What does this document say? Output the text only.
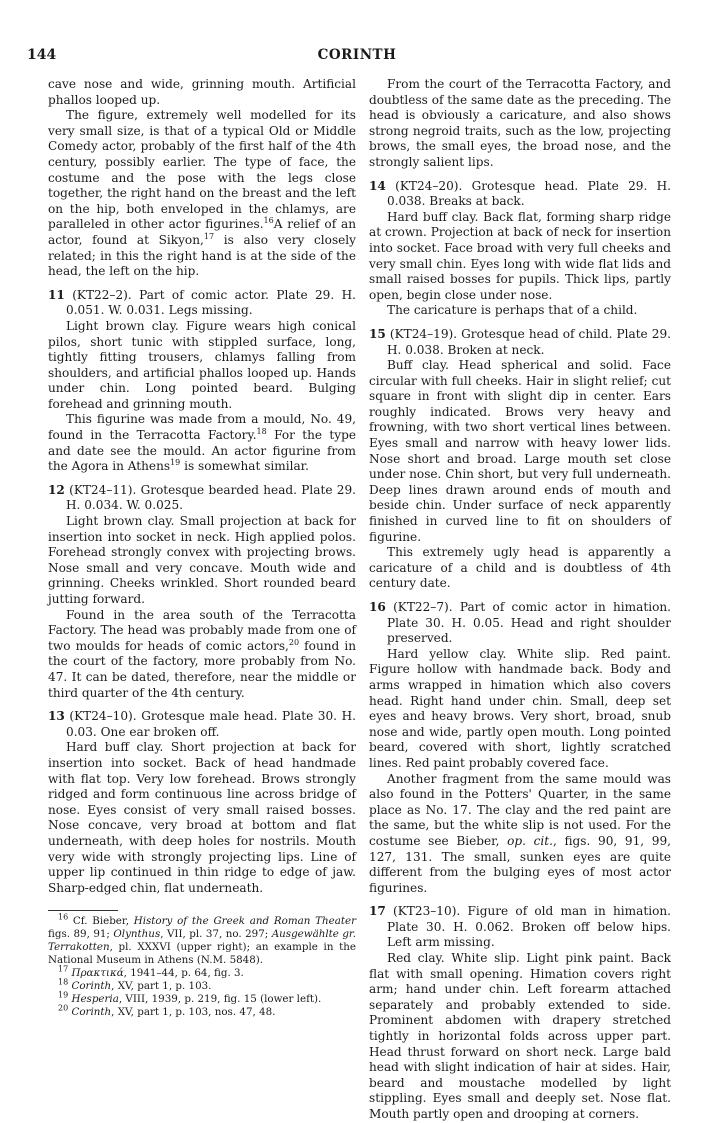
144	CORINTH

cave nose and wide, grinning mouth. Artificial phallos looped up.

The figure, extremely well modelled for its very small size, is that of a typical Old or Middle Comedy actor, probably of the first half of the 4th century, possibly earlier. The type of face, the costume and the pose with the legs close together, the right hand on the breast and the left on the hip, both enveloped in the chlamys, are paralleled in other actor figurines.$^{16}$A relief of an actor, found at Sikyon,$^{17}$ is also very closely related; in this the right hand is at the side of the head, the left on the hip.

11 (KT22–2). Part of comic actor. Plate 29. H. 0.051. W. 0.031. Legs missing.

Light brown clay. Figure wears high conical pilos, short tunic with stippled surface, long, tightly fitting trousers, chlamys falling from shoulders, and artificial phallos looped up. Hands under chin. Long pointed beard. Bulging forehead and grinning mouth.

This figurine was made from a mould, No. 49, found in the Terracotta Factory.$^{18}$ For the type and date see the mould. An actor figurine from the Agora in Athens$^{19}$ is somewhat similar.

12 (KT24–11). Grotesque bearded head. Plate 29. H. 0.034. W. 0.025.

Light brown clay. Small projection at back for insertion into socket in neck. High applied polos. Forehead strongly convex with projecting brows. Nose small and very concave. Mouth wide and grinning. Cheeks wrinkled. Short rounded beard jutting forward.

Found in the area south of the Terracotta Factory. The head was probably made from one of two moulds for heads of comic actors,$^{20}$ found in the court of the factory, more probably from No. 47. It can be dated, therefore, near the middle or third quarter of the 4th century.

13 (KT24–10). Grotesque male head. Plate 30. H. 0.03. One ear broken off.

Hard buff clay. Short projection at back for insertion into socket. Back of head handmade with flat top. Very low forehead. Brows strongly ridged and form continuous line across bridge of nose. Eyes consist of very small raised bosses. Nose concave, very broad at bottom and flat underneath, with deep holes for nostrils. Mouth very wide with strongly projecting lips. Line of upper lip continued in thin ridge to edge of jaw. Sharp-edged chin, flat underneath.

$^{16}$ Cf. Bieber, History of the Greek and Roman Theater figs. 89, 91; Olynthus, VII, pl. 37, no. 297; Ausgewählte gr. Terrakotten, pl. XXXVI (upper right); an example in the National Museum in Athens (N.M. 5848).

$^{17}$ Πρακτικά, 1941–44, p. 64, fig. 3.

$^{18}$ Corinth, XV, part 1, p. 103.

$^{19}$ Hesperia, VIII, 1939, p. 219, fig. 15 (lower left).

$^{20}$ Corinth, XV, part 1, p. 103, nos. 47, 48.

From the court of the Terracotta Factory, and doubtless of the same date as the preceding. The head is obviously a caricature, and also shows strong negroid traits, such as the low, projecting brows, the small eyes, the broad nose, and the strongly salient lips.

14 (KT24–20). Grotesque head. Plate 29. H. 0.038. Breaks at back.

Hard buff clay. Back flat, forming sharp ridge at crown. Projection at back of neck for insertion into socket. Face broad with very full cheeks and very small chin. Eyes long with wide flat lids and small raised bosses for pupils. Thick lips, partly open, begin close under nose.

The caricature is perhaps that of a child.

15 (KT24–19). Grotesque head of child. Plate 29. H. 0.038. Broken at neck.

Buff clay. Head spherical and solid. Face circular with full cheeks. Hair in slight relief; cut square in front with slight dip in center. Ears roughly indicated. Brows very heavy and frowning, with two short vertical lines between. Eyes small and narrow with heavy lower lids. Nose short and broad. Large mouth set close under nose. Chin short, but very full underneath. Deep lines drawn around ends of mouth and beside chin. Under surface of neck apparently finished in curved line to fit on shoulders of figurine.

This extremely ugly head is apparently a caricature of a child and is doubtless of 4th century date.

16 (KT22–7). Part of comic actor in himation. Plate 30. H. 0.05. Head and right shoulder preserved.

Hard yellow clay. White slip. Red paint. Figure hollow with handmade back. Body and arms wrapped in himation which also covers head. Right hand under chin. Small, deep set eyes and heavy brows. Very short, broad, snub nose and wide, partly open mouth. Long pointed beard, covered with short, lightly scratched lines. Red paint probably covered face.

Another fragment from the same mould was also found in the Potters' Quarter, in the same place as No. 17. The clay and the red paint are the same, but the white slip is not used. For the costume see Bieber, op. cit., figs. 90, 91, 99, 127, 131. The small, sunken eyes are quite different from the bulging eyes of most actor figurines.

17 (KT23–10). Figure of old man in himation. Plate 30. H. 0.062. Broken off below hips. Left arm missing.

Red clay. White slip. Light pink paint. Back flat with small opening. Himation covers right arm; hand under chin. Left forearm attached separately and probably extended to side. Prominent abdomen with drapery stretched tightly in horizontal folds across upper part. Head thrust forward on short neck. Large bald head with slight indication of hair at sides. Hair, beard and moustache modelled by light stippling. Eyes small and deeply set. Nose flat. Mouth partly open and drooping at corners.
